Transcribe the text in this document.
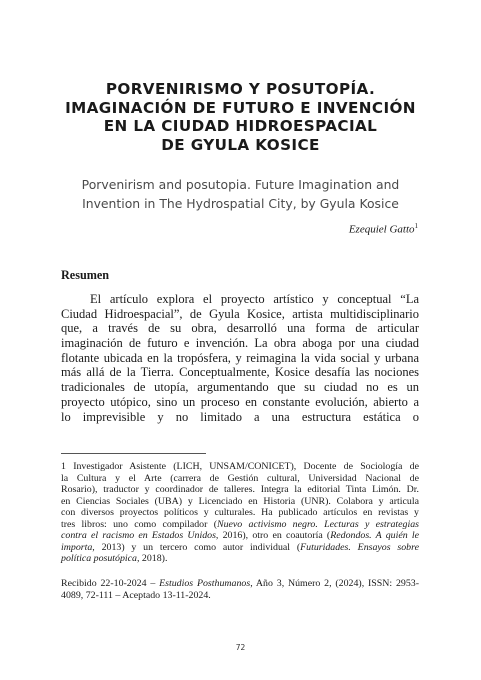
PORVENIRISMO Y POSUTOPÍA.
IMAGINACIÓN DE FUTURO E INVENCIÓN
EN LA CIUDAD HIDROESPACIAL
DE GYULA KOSICE
Porvenirism and posutopia. Future Imagination and
Invention in The Hydrospatial City, by Gyula Kosice
Ezequiel Gatto$^1$
Resumen
El artículo explora el proyecto artístico y conceptual “La
Ciudad Hidroespacial”, de Gyula Kosice, artista multidisciplinario
que, a través de su obra, desarrolló una forma de articular
imaginación de futuro e invención. La obra aboga por una ciudad
flotante ubicada en la tropósfera, y reimagina la vida social y urbana
más allá de la Tierra. Conceptualmente, Kosice desafía las nociones
tradicionales de utopía, argumentando que su ciudad no es un
proyecto utópico, sino un proceso en constante evolución, abierto a
lo imprevisible y no limitado a una estructura estática o
1 Investigador Asistente (LICH, UNSAM/CONICET), Docente de Sociología de
la Cultura y el Arte (carrera de Gestión cultural, Universidad Nacional de
Rosario), traductor y coordinador de talleres. Integra la editorial Tinta Limón. Dr.
en Ciencias Sociales (UBA) y Licenciado en Historia (UNR). Colabora y articula
con diversos proyectos políticos y culturales. Ha publicado artículos en revistas y
tres libros: uno como compilador (Nuevo activismo negro. Lecturas y estrategias
contra el racismo en Estados Unidos, 2016), otro en coautoría (Redondos. A quién le
importa, 2013) y un tercero como autor individual (Futuridades. Ensayos sobre
política posutópica, 2018).
Recibido 22-10-2024 – Estudios Posthumanos, Año 3, Número 2, (2024), ISSN: 2953-
4089, 72-111 – Aceptado 13-11-2024.
72
